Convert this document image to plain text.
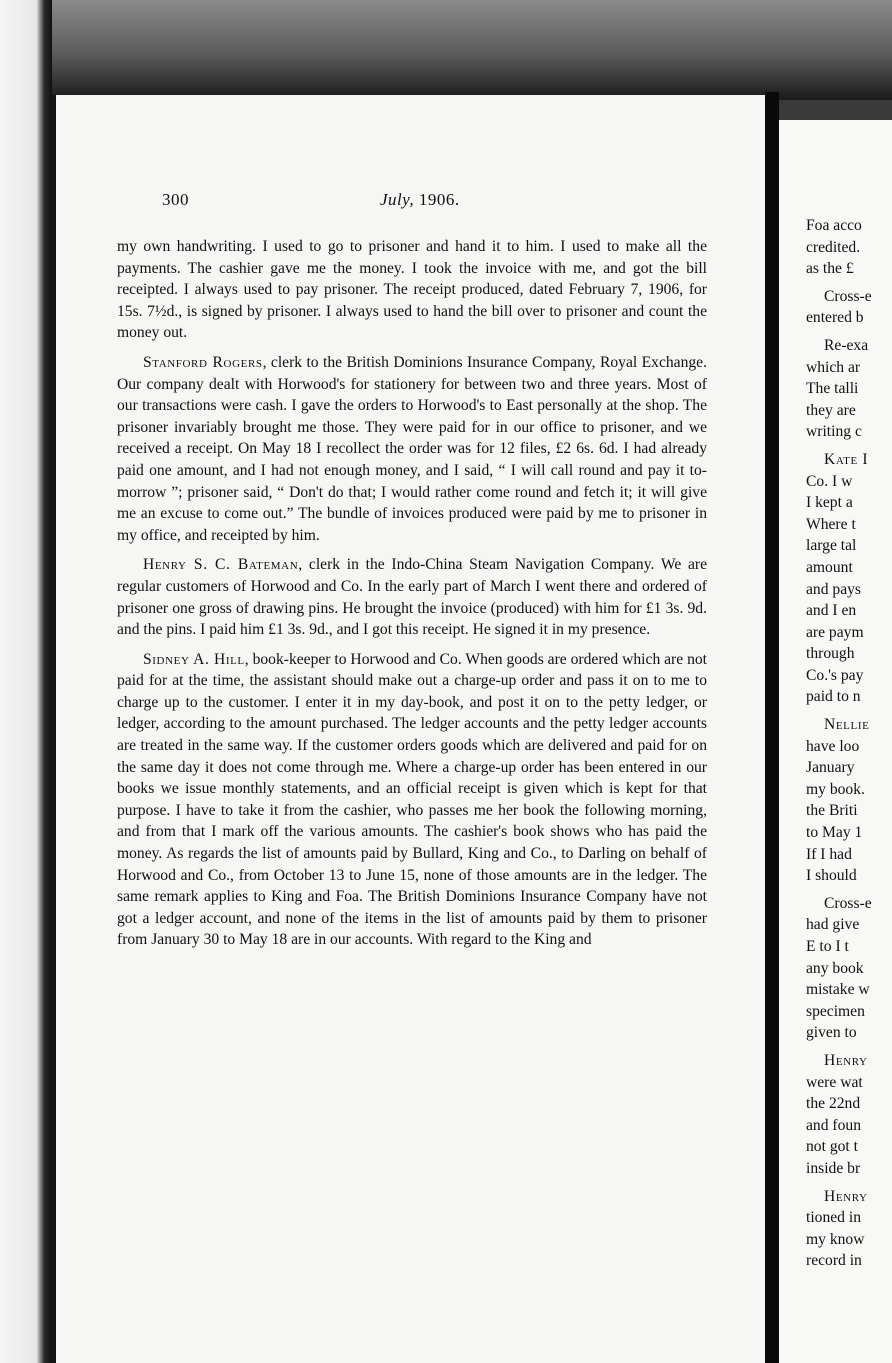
300	July, 1906.

my own handwriting. I used to go to prisoner and hand it to him. I used to make all the payments. The cashier gave me the money. I took the invoice with me, and got the bill receipted. I always used to pay prisoner. The receipt produced, dated February 7, 1906, for 15s. 7½d., is signed by prisoner. I always used to hand the bill over to prisoner and count the money out.

Stanford Rogers, clerk to the British Dominions Insurance Company, Royal Exchange. Our company dealt with Horwood's for stationery for between two and three years. Most of our transactions were cash. I gave the orders to Horwood's to East personally at the shop. The prisoner invariably brought me those. They were paid for in our office to prisoner, and we received a receipt. On May 18 I recollect the order was for 12 files, £2 6s. 6d. I had already paid one amount, and I had not enough money, and I said, “ I will call round and pay it to-morrow ”; prisoner said, “ Don't do that; I would rather come round and fetch it; it will give me an excuse to come out.” The bundle of invoices produced were paid by me to prisoner in my office, and receipted by him.

Henry S. C. Bateman, clerk in the Indo-China Steam Navigation Company. We are regular customers of Horwood and Co. In the early part of March I went there and ordered of prisoner one gross of drawing pins. He brought the invoice (produced) with him for £1 3s. 9d. and the pins. I paid him £1 3s. 9d., and I got this receipt. He signed it in my presence.

Sidney A. Hill, book-keeper to Horwood and Co. When goods are ordered which are not paid for at the time, the assistant should make out a charge-up order and pass it on to me to charge up to the customer. I enter it in my day-book, and post it on to the petty ledger, or ledger, according to the amount purchased. The ledger accounts and the petty ledger accounts are treated in the same way. If the customer orders goods which are delivered and paid for on the same day it does not come through me. Where a charge-up order has been entered in our books we issue monthly statements, and an official receipt is given which is kept for that purpose. I have to take it from the cashier, who passes me her book the following morning, and from that I mark off the various amounts. The cashier's book shows who has paid the money. As regards the list of amounts paid by Bullard, King and Co., to Darling on behalf of Horwood and Co., from October 13 to June 15, none of those amounts are in the ledger. The same remark applies to King and Foa. The British Dominions Insurance Company have not got a ledger account, and none of the items in the list of amounts paid by them to prisoner from January 30 to May 18 are in our accounts. With regard to the King and

Foa acco
credited.
as the £
Cross-e
entered b
Re-exa
which ar
The talli
they are
writing c
Kate I
Co. I w
I kept a
Where t
large tal
amount
and pays
and I en
are paym
through
Co.'s pay
paid to n
Nellie
have loo
January
my book.
the Briti
to May 1
If I had
I should
Cross-e
had give
E to I t
any book
mistake w
specimen
given to
Henry
were wat
the 22nd
and foun
not got t
inside br
Henry
tioned in
my know
record in
